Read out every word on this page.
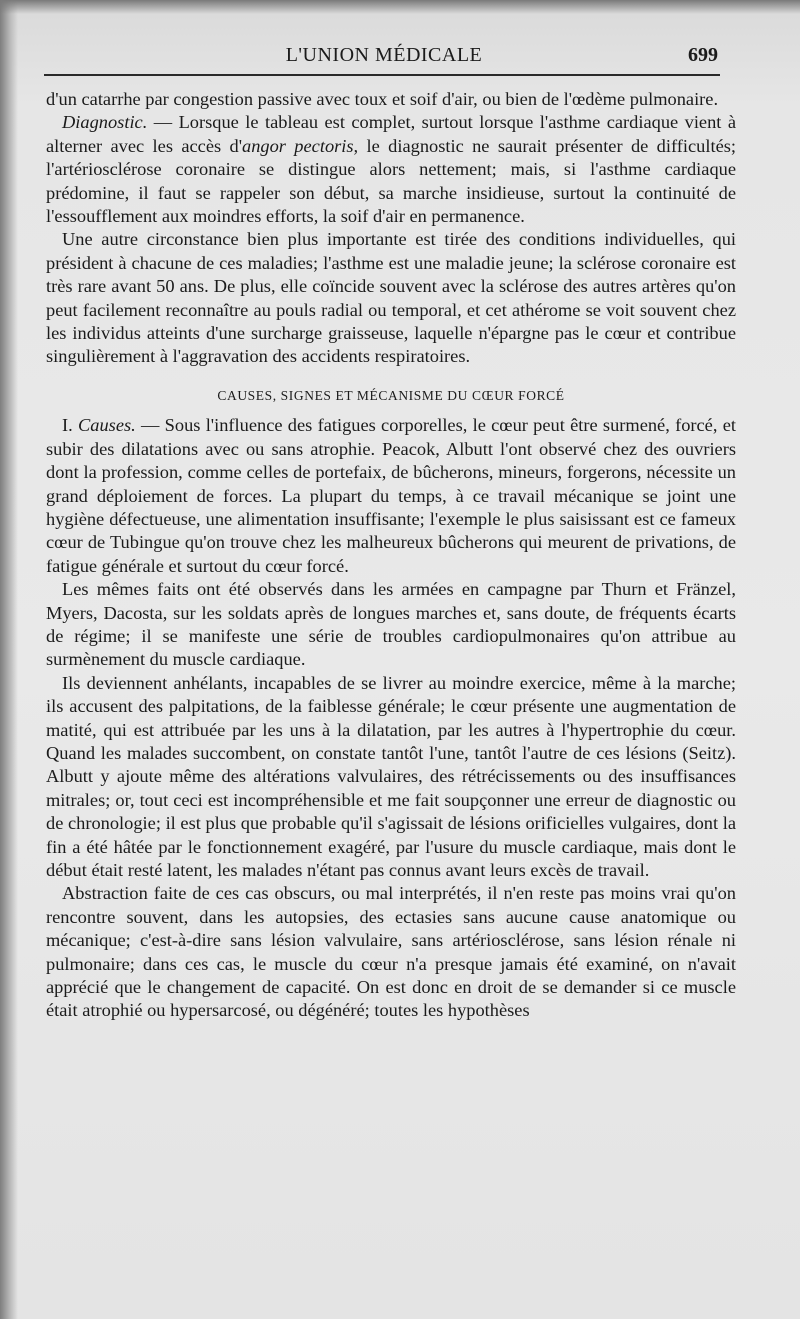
L'UNION MÉDICALE	699

d'un catarrhe par congestion passive avec toux et soif d'air, ou bien de l'œdème pulmonaire.

Diagnostic. — Lorsque le tableau est complet, surtout lorsque l'asthme cardiaque vient à alterner avec les accès d'angor pectoris, le diagnostic ne saurait présenter de difficultés; l'artériosclérose coronaire se distingue alors nettement; mais, si l'asthme cardiaque prédomine, il faut se rappeler son début, sa marche insidieuse, surtout la continuité de l'essoufflement aux moindres efforts, la soif d'air en permanence.

Une autre circonstance bien plus importante est tirée des conditions individuelles, qui président à chacune de ces maladies; l'asthme est une maladie jeune; la sclérose coronaire est très rare avant 50 ans. De plus, elle coïncide souvent avec la sclérose des autres artères qu'on peut facilement reconnaître au pouls radial ou temporal, et cet athérome se voit souvent chez les individus atteints d'une surcharge graisseuse, laquelle n'épargne pas le cœur et contribue singulièrement à l'aggravation des accidents respiratoires.

CAUSES, SIGNES ET MÉCANISME DU CŒUR FORCÉ

I. Causes. — Sous l'influence des fatigues corporelles, le cœur peut être surmené, forcé, et subir des dilatations avec ou sans atrophie. Peacok, Albutt l'ont observé chez des ouvriers dont la profession, comme celles de portefaix, de bûcherons, mineurs, forgerons, nécessite un grand déploiement de forces. La plupart du temps, à ce travail mécanique se joint une hygiène défectueuse, une alimentation insuffisante; l'exemple le plus saisissant est ce fameux cœur de Tubingue qu'on trouve chez les malheureux bûcherons qui meurent de privations, de fatigue générale et surtout du cœur forcé.

Les mêmes faits ont été observés dans les armées en campagne par Thurn et Fränzel, Myers, Dacosta, sur les soldats après de longues marches et, sans doute, de fréquents écarts de régime; il se manifeste une série de troubles cardiopulmonaires qu'on attribue au surmènement du muscle cardiaque.

Ils deviennent anhélants, incapables de se livrer au moindre exercice, même à la marche; ils accusent des palpitations, de la faiblesse générale; le cœur présente une augmentation de matité, qui est attribuée par les uns à la dilatation, par les autres à l'hypertrophie du cœur. Quand les malades succombent, on constate tantôt l'une, tantôt l'autre de ces lésions (Seitz). Albutt y ajoute même des altérations valvulaires, des rétrécissements ou des insuffisances mitrales; or, tout ceci est incompréhensible et me fait soupçonner une erreur de diagnostic ou de chronologie; il est plus que probable qu'il s'agissait de lésions orificielles vulgaires, dont la fin a été hâtée par le fonctionnement exagéré, par l'usure du muscle cardiaque, mais dont le début était resté latent, les malades n'étant pas connus avant leurs excès de travail.

Abstraction faite de ces cas obscurs, ou mal interprétés, il n'en reste pas moins vrai qu'on rencontre souvent, dans les autopsies, des ectasies sans aucune cause anatomique ou mécanique; c'est-à-dire sans lésion valvulaire, sans artériosclérose, sans lésion rénale ni pulmonaire; dans ces cas, le muscle du cœur n'a presque jamais été examiné, on n'avait apprécié que le changement de capacité. On est donc en droit de se demander si ce muscle était atrophié ou hypersarcosé, ou dégénéré; toutes les hypothèses
